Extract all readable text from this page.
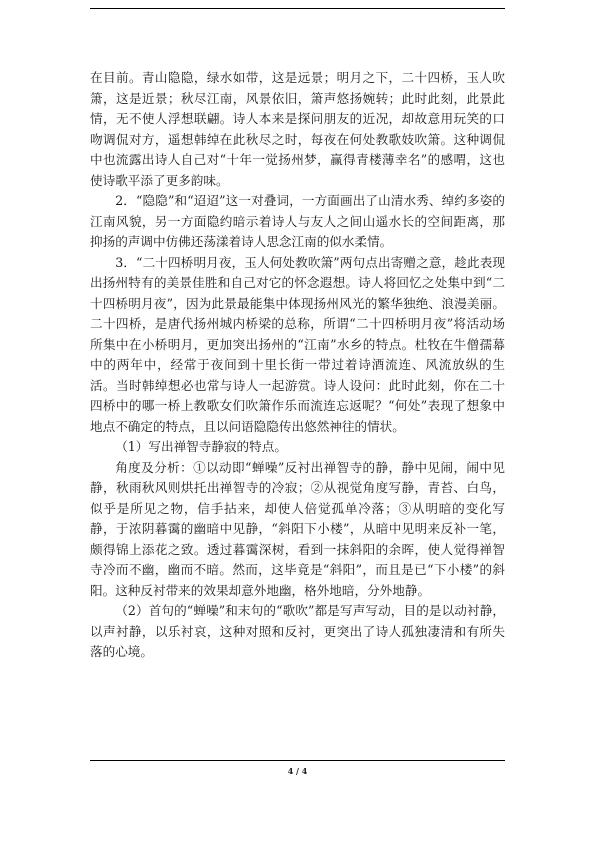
在目前。青山隐隐，绿水如带，这是远景；明月之下，二十四桥，玉人吹箫，这是近景；秋尽江南，风景依旧，箫声悠扬婉转；此时此刻，此景此情，无不使人浮想联翩。诗人本来是探问朋友的近况，却故意用玩笑的口吻调侃对方，遥想韩绰在此秋尽之时，每夜在何处教歌妓吹箫。这种调侃中也流露出诗人自己对“十年一觉扬州梦，赢得青楼薄幸名”的感喟，这也使诗歌平添了更多韵味。

2．“隐隐”和“迢迢”这一对叠词，一方面画出了山清水秀、绰约多姿的江南风貌，另一方面隐约暗示着诗人与友人之间山遥水长的空间距离，那抑扬的声调中仿佛还荡漾着诗人思念江南的似水柔情。

3．“二十四桥明月夜，玉人何处教吹箫”两句点出寄赠之意，趁此表现出扬州特有的美景佳胜和自己对它的怀念遐想。诗人将回忆之处集中到“二十四桥明月夜”，因为此景最能集中体现扬州风光的繁华独绝、浪漫美丽。二十四桥，是唐代扬州城内桥梁的总称，所谓“二十四桥明月夜”将活动场所集中在小桥明月，更加突出扬州的“江南”水乡的特点。杜牧在牛僧孺幕中的两年中，经常于夜间到十里长街一带过着诗酒流连、风流放纵的生活。当时韩绰想必也常与诗人一起游赏。诗人设问：此时此刻，你在二十四桥中的哪一桥上教歌女们吹箫作乐而流连忘返呢？“何处”表现了想象中地点不确定的特点，且以问语隐隐传出悠然神往的情状。

（1）写出禅智寺静寂的特点。

角度及分析：①以动即“蝉噪”反衬出禅智寺的静，静中见闹，闹中见静，秋雨秋风则烘托出禅智寺的冷寂；②从视觉角度写静，青苔、白鸟，似乎是所见之物，信手拈来，却使人倍觉孤单冷落；③从明暗的变化写静，于浓阴暮霭的幽暗中见静，“斜阳下小楼”，从暗中见明来反补一笔，颇得锦上添花之致。透过暮霭深树，看到一抹斜阳的余晖，使人觉得禅智寺冷而不幽，幽而不暗。然而，这毕竟是“斜阳”，而且是已“下小楼”的斜阳。这种反衬带来的效果却意外地幽，格外地暗，分外地静。

（2）首句的“蝉噪”和末句的“歌吹”都是写声写动，目的是以动衬静，以声衬静，以乐衬哀，这种对照和反衬，更突出了诗人孤独凄清和有所失落的心境。

4 / 4
